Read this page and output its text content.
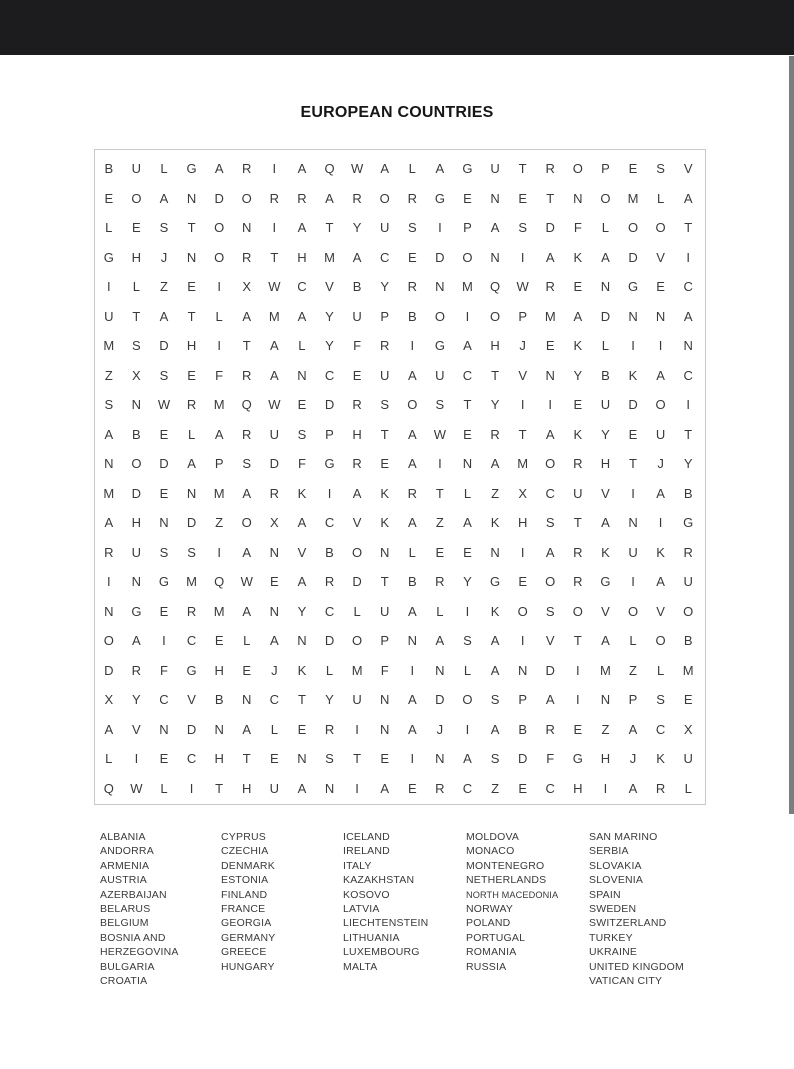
EUROPEAN COUNTRIES
B	U	L	G	A	R	I	A	Q	W	A	L	A	G	U	T	R	O	P	E	S	V
E	O	A	N	D	O	R	R	A	R	O	R	G	E	N	E	T	N	O	M	L	A
L	E	S	T	O	N	I	A	T	Y	U	S	I	P	A	S	D	F	L	O	O	T
G	H	J	N	O	R	T	H	M	A	C	E	D	O	N	I	A	K	A	D	V	I
I	L	Z	E	I	X	W	C	V	B	Y	R	N	M	Q	W	R	E	N	G	E	C
U	T	A	T	L	A	M	A	Y	U	P	B	O	I	O	P	M	A	D	N	N	A
M	S	D	H	I	T	A	L	Y	F	R	I	G	A	H	J	E	K	L	I	I	N
Z	X	S	E	F	R	A	N	C	E	U	A	U	C	T	V	N	Y	B	K	A	C
S	N	W	R	M	Q	W	E	D	R	S	O	S	T	Y	I	I	E	U	D	O	I
A	B	E	L	A	R	U	S	P	H	T	A	W	E	R	T	A	K	Y	E	U	T
N	O	D	A	P	S	D	F	G	R	E	A	I	N	A	M	O	R	H	T	J	Y
M	D	E	N	M	A	R	K	I	A	K	R	T	L	Z	X	C	U	V	I	A	B
A	H	N	D	Z	O	X	A	C	V	K	A	Z	A	K	H	S	T	A	N	I	G
R	U	S	S	I	A	N	V	B	O	N	L	E	E	N	I	A	R	K	U	K	R
I	N	G	M	Q	W	E	A	R	D	T	B	R	Y	G	E	O	R	G	I	A	U
N	G	E	R	M	A	N	Y	C	L	U	A	L	I	K	O	S	O	V	O	V	O
O	A	I	C	E	L	A	N	D	O	P	N	A	S	A	I	V	T	A	L	O	B
D	R	F	G	H	E	J	K	L	M	F	I	N	L	A	N	D	I	M	Z	L	M
X	Y	C	V	B	N	C	T	Y	U	N	A	D	O	S	P	A	I	N	P	S	E
A	V	N	D	N	A	L	E	R	I	N	A	J	I	A	B	R	E	Z	A	C	X
L	I	E	C	H	T	E	N	S	T	E	I	N	A	S	D	F	G	H	J	K	U
Q	W	L	I	T	H	U	A	N	I	A	E	R	C	Z	E	C	H	I	A	R	L
ALBANIA
ANDORRA
ARMENIA
AUSTRIA
AZERBAIJAN
BELARUS
BELGIUM
BOSNIA AND
HERZEGOVINA
BULGARIA
CROATIA
CYPRUS
CZECHIA
DENMARK
ESTONIA
FINLAND
FRANCE
GEORGIA
GERMANY
GREECE
HUNGARY
ICELAND
IRELAND
ITALY
KAZAKHSTAN
KOSOVO
LATVIA
LIECHTENSTEIN
LITHUANIA
LUXEMBOURG
MALTA
MOLDOVA
MONACO
MONTENEGRO
NETHERLANDS
NORTH MACEDONIA
NORWAY
POLAND
PORTUGAL
ROMANIA
RUSSIA
SAN MARINO
SERBIA
SLOVAKIA
SLOVENIA
SPAIN
SWEDEN
SWITZERLAND
TURKEY
UKRAINE
UNITED KINGDOM
VATICAN CITY
